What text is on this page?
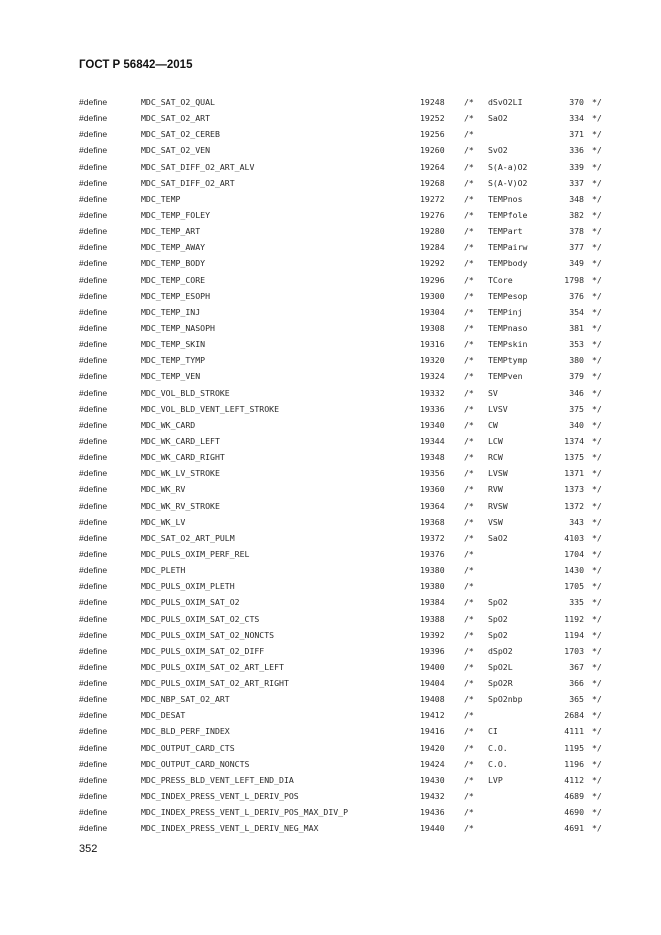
ГОСТ Р 56842—2015
#define	MDC_SAT_O2_QUAL	19248 /* dSvO2LI	370 */
#define	MDC_SAT_O2_ART	19252 /* SaO2	334 */
#define	MDC_SAT_O2_CEREB	19256 /*	371 */
#define	MDC_SAT_O2_VEN	19260 /* SvO2	336 */
#define	MDC_SAT_DIFF_O2_ART_ALV	19264 /* S(A-a)O2	339 */
#define	MDC_SAT_DIFF_O2_ART	19268 /* S(A-V)O2	337 */
#define	MDC_TEMP	19272 /* TEMPnos	348 */
#define	MDC_TEMP_FOLEY	19276 /* TEMPfole	382 */
#define	MDC_TEMP_ART	19280 /* TEMPart	378 */
#define	MDC_TEMP_AWAY	19284 /* TEMPairw	377 */
#define	MDC_TEMP_BODY	19292 /* TEMPbody	349 */
#define	MDC_TEMP_CORE	19296 /* TCore	1798 */
#define	MDC_TEMP_ESOPH	19300 /* TEMPesop	376 */
#define	MDC_TEMP_INJ	19304 /* TEMPinj	354 */
#define	MDC_TEMP_NASOPH	19308 /* TEMPnaso	381 */
#define	MDC_TEMP_SKIN	19316 /* TEMPskin	353 */
#define	MDC_TEMP_TYMP	19320 /* TEMPtymp	380 */
#define	MDC_TEMP_VEN	19324 /* TEMPven	379 */
#define	MDC_VOL_BLD_STROKE	19332 /* SV	346 */
#define	MDC_VOL_BLD_VENT_LEFT_STROKE	19336 /* LVSV	375 */
#define	MDC_WK_CARD	19340 /* CW	340 */
#define	MDC_WK_CARD_LEFT	19344 /* LCW	1374 */
#define	MDC_WK_CARD_RIGHT	19348 /* RCW	1375 */
#define	MDC_WK_LV_STROKE	19356 /* LVSW	1371 */
#define	MDC_WK_RV	19360 /* RVW	1373 */
#define	MDC_WK_RV_STROKE	19364 /* RVSW	1372 */
#define	MDC_WK_LV	19368 /* VSW	343 */
#define	MDC_SAT_O2_ART_PULM	19372 /* SaO2	4103 */
#define	MDC_PULS_OXIM_PERF_REL	19376 /*	1704 */
#define	MDC_PLETH	19380 /*	1430 */
#define	MDC_PULS_OXIM_PLETH	19380 /*	1705 */
#define	MDC_PULS_OXIM_SAT_O2	19384 /* SpO2	335 */
#define	MDC_PULS_OXIM_SAT_O2_CTS	19388 /* SpO2	1192 */
#define	MDC_PULS_OXIM_SAT_O2_NONCTS	19392 /* SpO2	1194 */
#define	MDC_PULS_OXIM_SAT_O2_DIFF	19396 /* dSpO2	1703 */
#define	MDC_PULS_OXIM_SAT_O2_ART_LEFT	19400 /* SpO2L	367 */
#define	MDC_PULS_OXIM_SAT_O2_ART_RIGHT	19404 /* SpO2R	366 */
#define	MDC_NBP_SAT_O2_ART	19408 /* SpO2nbp	365 */
#define	MDC_DESAT	19412 /*	2684 */
#define	MDC_BLD_PERF_INDEX	19416 /* CI	4111 */
#define	MDC_OUTPUT_CARD_CTS	19420 /* C.O.	1195 */
#define	MDC_OUTPUT_CARD_NONCTS	19424 /* C.O.	1196 */
#define	MDC_PRESS_BLD_VENT_LEFT_END_DIA	19430 /* LVP	4112 */
#define	MDC_INDEX_PRESS_VENT_L_DERIV_POS	19432 /*	4689 */
#define	MDC_INDEX_PRESS_VENT_L_DERIV_POS_MAX_DIV_P	19436 /*	4690 */
#define	MDC_INDEX_PRESS_VENT_L_DERIV_NEG_MAX	19440 /*	4691 */
352
